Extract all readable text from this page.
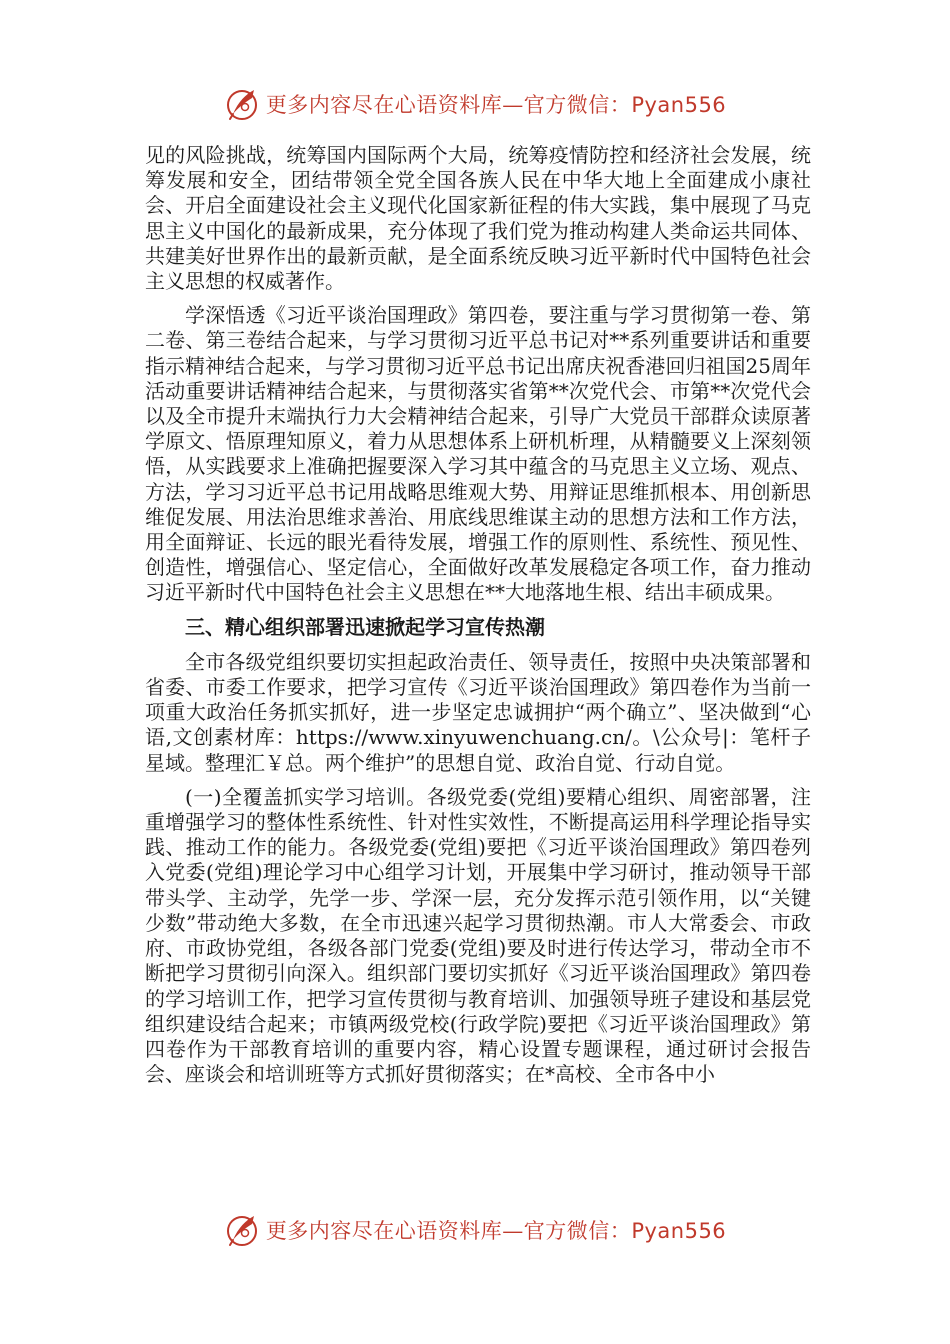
更多内容尽在心语资料库—官方微信：Pyan556

见的风险挑战，统筹国内国际两个大局，统筹疫情防控和经济社会发展，统筹发展和安全，团结带领全党全国各族人民在中华大地上全面建成小康社会、开启全面建设社会主义现代化国家新征程的伟大实践，集中展现了马克思主义中国化的最新成果，充分体现了我们党为推动构建人类命运共同体、共建美好世界作出的最新贡献，是全面系统反映习近平新时代中国特色社会主义思想的权威著作。

学深悟透《习近平谈治国理政》第四卷，要注重与学习贯彻第一卷、第二卷、第三卷结合起来，与学习贯彻习近平总书记对**系列重要讲话和重要指示精神结合起来，与学习贯彻习近平总书记出席庆祝香港回归祖国25周年活动重要讲话精神结合起来，与贯彻落实省第**次党代会、市第**次党代会以及全市提升末端执行力大会精神结合起来，引导广大党员干部群众读原著学原文、悟原理知原义，着力从思想体系上研机析理，从精髓要义上深刻领悟，从实践要求上准确把握要深入学习其中蕴含的马克思主义立场、观点、方法，学习习近平总书记用战略思维观大势、用辩证思维抓根本、用创新思维促发展、用法治思维求善治、用底线思维谋主动的思想方法和工作方法，用全面辩证、长远的眼光看待发展，增强工作的原则性、系统性、预见性、创造性，增强信心、坚定信心，全面做好改革发展稳定各项工作，奋力推动习近平新时代中国特色社会主义思想在**大地落地生根、结出丰硕成果。

三、精心组织部署迅速掀起学习宣传热潮

全市各级党组织要切实担起政治责任、领导责任，按照中央决策部署和省委、市委工作要求，把学习宣传《习近平谈治国理政》第四卷作为当前一项重大政治任务抓实抓好，进一步坚定忠诚拥护“两个确立”、坚决做到“心语,文创素材库：https://www.xinyuwenchuang.cn/。\公众号|：笔杆子星域。整理汇￥总。两个维护”的思想自觉、政治自觉、行动自觉。

(一)全覆盖抓实学习培训。各级党委(党组)要精心组织、周密部署，注重增强学习的整体性系统性、针对性实效性，不断提高运用科学理论指导实践、推动工作的能力。各级党委(党组)要把《习近平谈治国理政》第四卷列入党委(党组)理论学习中心组学习计划，开展集中学习研讨，推动领导干部带头学、主动学，先学一步、学深一层，充分发挥示范引领作用，以“关键少数”带动绝大多数，在全市迅速兴起学习贯彻热潮。市人大常委会、市政府、市政协党组，各级各部门党委(党组)要及时进行传达学习，带动全市不断把学习贯彻引向深入。组织部门要切实抓好《习近平谈治国理政》第四卷的学习培训工作，把学习宣传贯彻与教育培训、加强领导班子建设和基层党组织建设结合起来；市镇两级党校(行政学院)要把《习近平谈治国理政》第四卷作为干部教育培训的重要内容，精心设置专题课程，通过研讨会报告会、座谈会和培训班等方式抓好贯彻落实；在*高校、全市各中小

更多内容尽在心语资料库—官方微信：Pyan556
